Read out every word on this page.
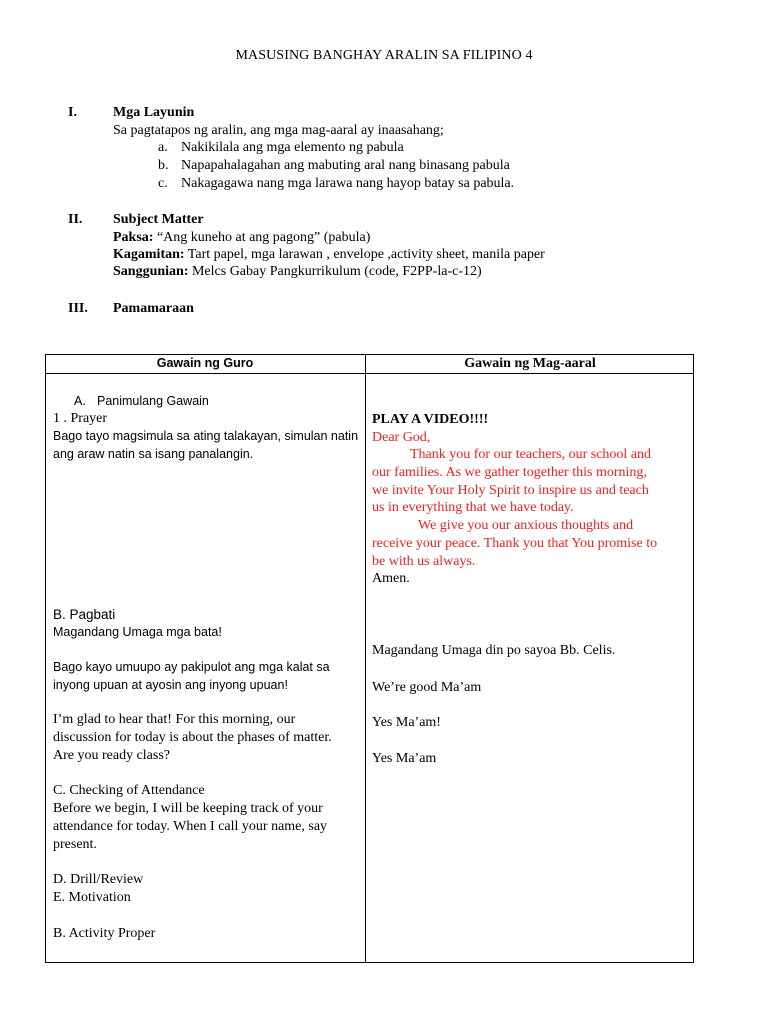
MASUSING BANGHAY ARALIN SA FILIPINO 4
I.	Mga Layunin
Sa pagtatapos ng aralin, ang mga mag-aaral ay inaasahang;
a. Nakikilala ang mga elemento ng pabula
b. Napapahalagahan ang mabuting aral nang binasang pabula
c. Nakagagawa nang mga larawa nang hayop batay sa pabula.
II. Subject Matter
Paksa: “Ang kuneho at ang pagong” (pabula)
Kagamitan: Tart papel, mga larawan , envelope ,activity sheet, manila paper
Sanggunian: Melcs Gabay Pangkurrikulum (code, F2PP-la-c-12)
III. Pamamaraan
Gawain ng Guro	Gawain ng Mag-aaral
A. Panimulang Gawain
1 . Prayer
Bago tayo magsimula sa ating talakayan, simulan natin
ang araw natin sa isang panalangin.
B. Pagbati
Magandang Umaga mga bata!
Bago kayo umuupo ay pakipulot ang mga kalat sa
inyong upuan at ayosin ang inyong upuan!
I’m glad to hear that! For this morning, our
discussion for today is about the phases of matter.
Are you ready class?
C. Checking of Attendance
Before we begin, I will be keeping track of your
attendance for today. When I call your name, say
present.
D. Drill/Review
E. Motivation
B. Activity Proper
PLAY A VIDEO!!!!
Dear God,
Thank you for our teachers, our school and
our families. As we gather together this morning,
we invite Your Holy Spirit to inspire us and teach
us in everything that we have today.
We give you our anxious thoughts and
receive your peace. Thank you that You promise to
be with us always.
Amen.
Magandang Umaga din po sayoa Bb. Celis.
We’re good Ma’am
Yes Ma’am!
Yes Ma’am
